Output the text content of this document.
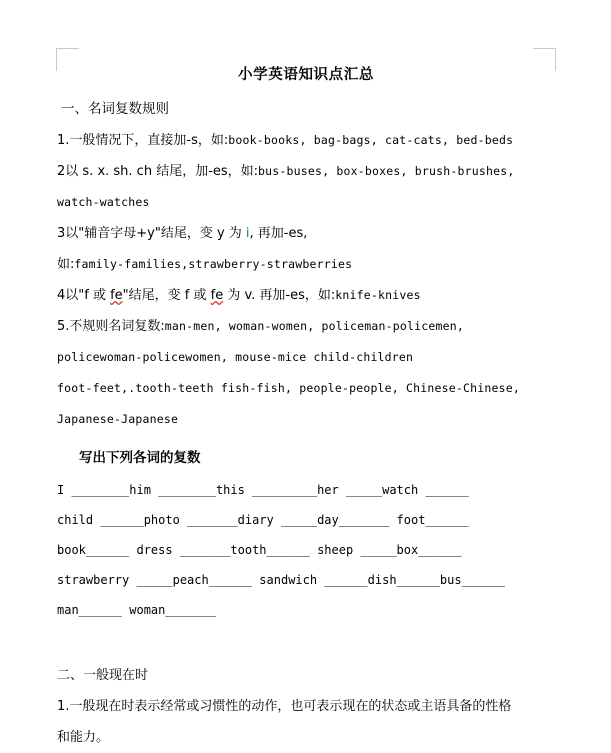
小学英语知识点汇总

一、名词复数规则

1.一般情况下，直接加-s，如:book-books, bag-bags, cat-cats, bed-beds

2以 s. x. sh. ch 结尾，加-es，如:bus-buses, box-boxes, brush-brushes,

watch-watches

3以"辅音字母+y"结尾，变 y 为 i, 再加-es,

如:family-families,strawberry-strawberries

4以"f 或 fe"结尾，变 f 或 fe 为 v. 再加-es，如:knife-knives

5.不规则名词复数:man-men, woman-women, policeman-policemen,

policewoman-policewomen, mouse-mice child-children

foot-feet,.tooth-teeth fish-fish, people-people, Chinese-Chinese,

Japanese-Japanese

写出下列各词的复数

I ________him ________this _________her _____watch ______

child ______photo _______diary _____day_______ foot______

book______ dress _______tooth______ sheep _____box______

strawberry _____peach______ sandwich ______dish______bus______

man______ woman_______

二、一般现在时

1.一般现在时表示经常或习惯性的动作，也可表示现在的状态或主语具备的性格

和能力。
